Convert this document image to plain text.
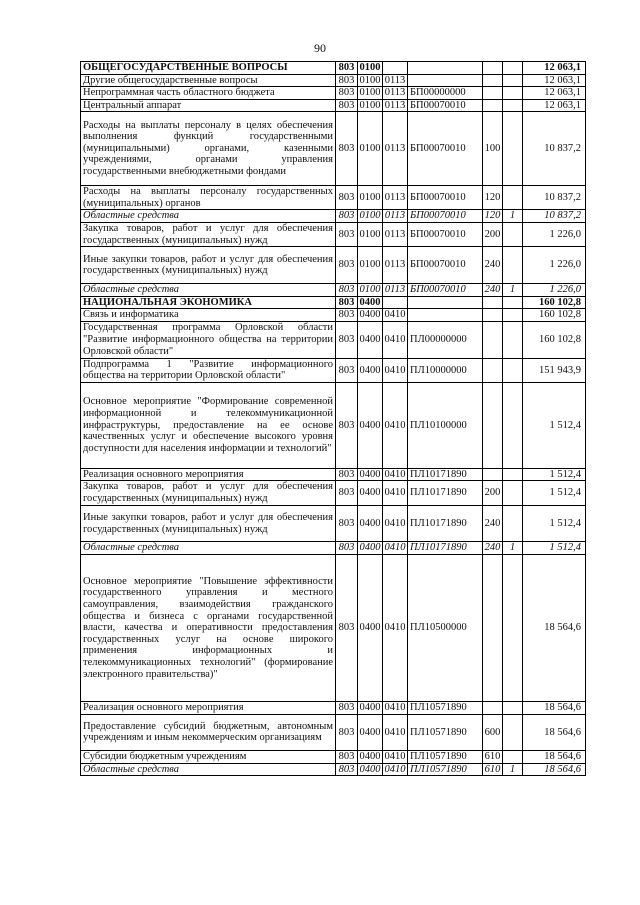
90
ОБЩЕГОСУДАРСТВЕННЫЕ ВОПРОСЫ	803	0100					12 063,1
Другие общегосударственные вопросы	803	0100	0113				12 063,1
Непрограммная часть областного бюджета	803	0100	0113	БП00000000			12 063,1
Центральный аппарат	803	0100	0113	БП00070010			12 063,1
Расходы на выплаты персоналу в целях обеспечения выполнения функций государственными (муниципальными) органами, казенными учреждениями, органами управления государственными внебюджетными фондами	803	0100	0113	БП00070010	100		10 837,2
Расходы на выплаты персоналу государственных (муниципальных) органов	803	0100	0113	БП00070010	120		10 837,2
Областные средства	803	0100	0113	БП00070010	120	1	10 837,2
Закупка товаров, работ и услуг для обеспечения государственных (муниципальных) нужд	803	0100	0113	БП00070010	200		1 226,0
Иные закупки товаров, работ и услуг для обеспечения государственных (муниципальных) нужд	803	0100	0113	БП00070010	240		1 226,0
Областные средства	803	0100	0113	БП00070010	240	1	1 226,0
НАЦИОНАЛЬНАЯ ЭКОНОМИКА	803	0400					160 102,8
Связь и информатика	803	0400	0410				160 102,8
Государственная программа Орловской области "Развитие информационного общества на территории Орловской области"	803	0400	0410	ПЛ00000000			160 102,8
Подпрограмма 1 "Развитие информационного общества на территории Орловской области"	803	0400	0410	ПЛ10000000			151 943,9
Основное мероприятие "Формирование современной информационной и телекоммуникационной инфраструктуры, предоставление на ее основе качественных услуг и обеспечение высокого уровня доступности для населения информации и технологий"	803	0400	0410	ПЛ10100000			1 512,4
Реализация основного мероприятия	803	0400	0410	ПЛ10171890			1 512,4
Закупка товаров, работ и услуг для обеспечения государственных (муниципальных) нужд	803	0400	0410	ПЛ10171890	200		1 512,4
Иные закупки товаров, работ и услуг для обеспечения государственных (муниципальных) нужд	803	0400	0410	ПЛ10171890	240		1 512,4
Областные средства	803	0400	0410	ПЛ10171890	240	1	1 512,4
Основное мероприятие "Повышение эффективности государственного управления и местного самоуправления, взаимодействия гражданского общества и бизнеса с органами государственной власти, качества и оперативности предоставления государственных услуг на основе широкого применения информационных и телекоммуникационных технологий" (формирование электронного правительства)"	803	0400	0410	ПЛ10500000			18 564,6
Реализация основного мероприятия	803	0400	0410	ПЛ10571890			18 564,6
Предоставление субсидий бюджетным, автономным учреждениям и иным некоммерческим организациям	803	0400	0410	ПЛ10571890	600		18 564,6
Субсидии бюджетным учреждениям	803	0400	0410	ПЛ10571890	610		18 564,6
Областные средства	803	0400	0410	ПЛ10571890	610	1	18 564,6
